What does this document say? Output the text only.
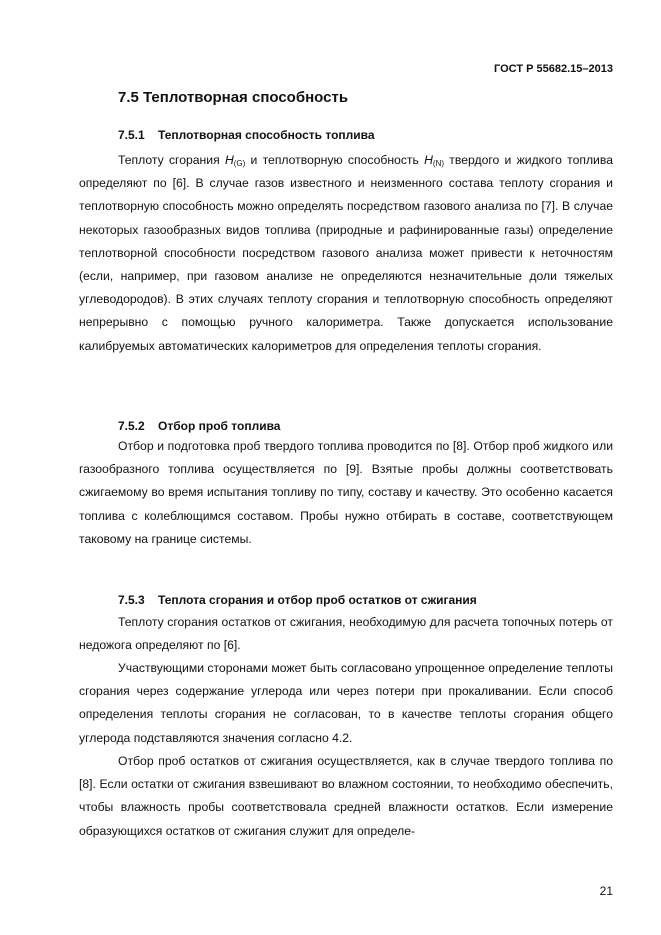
ГОСТ Р 55682.15–2013
7.5 Теплотворная способность
7.5.1 Теплотворная способность топлива

Теплоту сгорания $H_{(G)}$ и теплотворную способность $H_{(N)}$ твердого и жидкого топлива определяют по [6]. В случае газов известного и неизменного состава теплоту сгорания и теплотворную способность можно определять посредством газового анализа по [7]. В случае некоторых газообразных видов топлива (природные и рафинированные газы) определение теплотворной способности посредством газового анализа может привести к неточностям (если, например, при газовом анализе не определяются незначительные доли тяжелых углеводородов). В этих случаях теплоту сгорания и теплотворную способность определяют непрерывно с помощью ручного калориметра. Также допускается использование калибруемых автоматических калориметров для определения теплоты сгорания.

7.5.2 Отбор проб топлива

Отбор и подготовка проб твердого топлива проводится по [8]. Отбор проб жидкого или газообразного топлива осуществляется по [9]. Взятые пробы должны соответствовать сжигаемому во время испытания топливу по типу, составу и качеству. Это особенно касается топлива с колеблющимся составом. Пробы нужно отбирать в составе, соответствующем таковому на границе системы.

7.5.3 Теплота сгорания и отбор проб остатков от сжигания

Теплоту сгорания остатков от сжигания, необходимую для расчета топочных потерь от недожога определяют по [6].

Участвующими сторонами может быть согласовано упрощенное определение теплоты сгорания через содержание углерода или через потери при прокаливании. Если способ определения теплоты сгорания не согласован, то в качестве теплоты сгорания общего углерода подставляются значения согласно 4.2.

Отбор проб остатков от сжигания осуществляется, как в случае твердого топлива по [8]. Если остатки от сжигания взвешивают во влажном состоянии, то необходимо обеспечить, чтобы влажность пробы соответствовала средней влажности остатков. Если измерение образующихся остатков от сжигания служит для определе-

21
